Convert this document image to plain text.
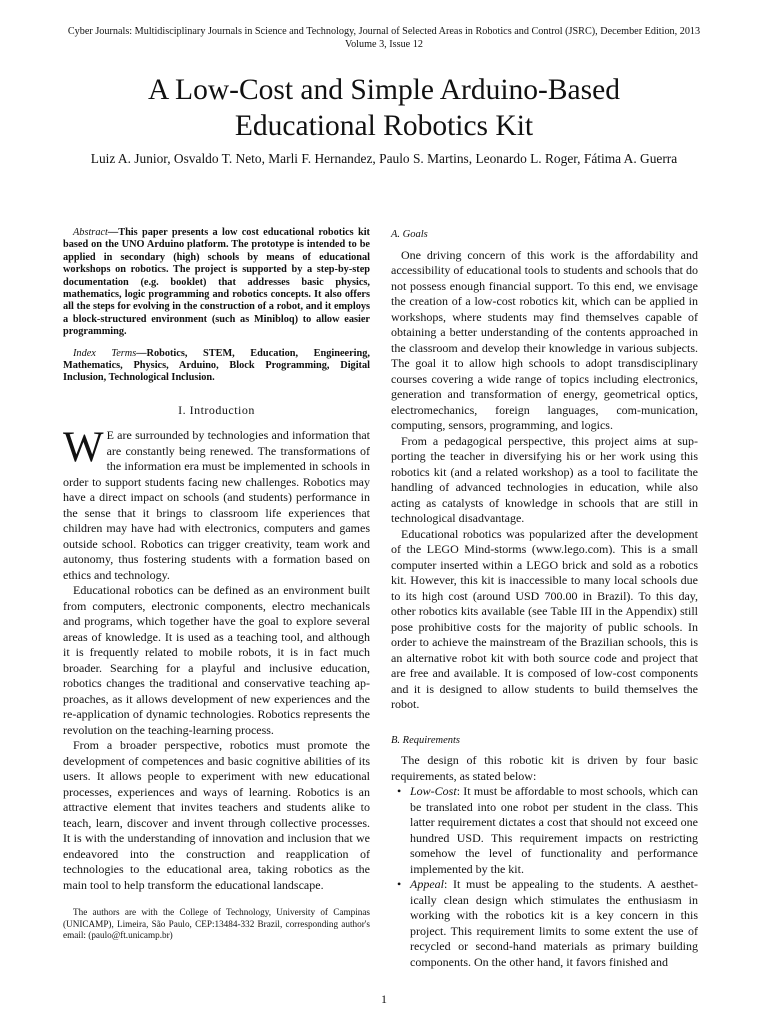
Cyber Journals: Multidisciplinary Journals in Science and Technology, Journal of Selected Areas in Robotics and Control (JSRC), December Edition, 2013
Volume 3, Issue 12
A Low-Cost and Simple Arduino-Based
Educational Robotics Kit
Luiz A. Junior, Osvaldo T. Neto, Marli F. Hernandez, Paulo S. Martins, Leonardo L. Roger, Fátima A. Guerra

Abstract—This paper presents a low cost educational robotics kit based on the UNO Arduino platform. The prototype is intended to be applied in secondary (high) schools by means of educational workshops on robotics. The project is supported by a step-by-step documentation (e.g. booklet) that addresses basic physics, mathematics, logic programming and robotics concepts. It also offers all the steps for evolving in the construction of a robot, and it employs a block-structured environment (such as Minibloq) to allow easier programming.

Index Terms—Robotics, STEM, Education, Engineering, Mathematics, Physics, Arduino, Block Programming, Digital Inclusion, Technological Inclusion.

I. Introduction

W E are surrounded by technologies and information that are constantly being renewed. The transformations of the information era must be implemented in schools in order to support students facing new challenges. Robotics may have a direct impact on schools (and students) performance in the sense that it brings to classroom life experiences that children may have had with electronics, computers and games outside school. Robotics can trigger creativity, team work and autonomy, thus fostering students with a formation based on ethics and technology.

Educational robotics can be defined as an environment built from computers, electronic components, electro mechanicals and programs, which together have the goal to explore several areas of knowledge. It is used as a teaching tool, and although it is frequently related to mobile robots, it is in fact much broader. Searching for a playful and inclusive education, robotics changes the traditional and conservative teaching ap-proaches, as it allows development of new experiences and the re-application of dynamic technologies. Robotics represents the revolution on the teaching-learning process.

From a broader perspective, robotics must promote the development of competences and basic cognitive abilities of its users. It allows people to experiment with new educational processes, experiences and ways of learning. Robotics is an attractive element that invites teachers and students alike to teach, learn, discover and invent through collective processes. It is with the understanding of innovation and inclusion that we endeavored into the construction and reapplication of technologies to the educational area, taking robotics as the main tool to help transform the educational landscape.

The authors are with the College of Technology, University of Campinas (UNICAMP), Limeira, São Paulo, CEP:13484-332 Brazil, corresponding author's email: (paulo@ft.unicamp.br)

A. Goals

One driving concern of this work is the affordability and accessibility of educational tools to students and schools that do not possess enough financial support. To this end, we envisage the creation of a low-cost robotics kit, which can be applied in workshops, where students may find themselves capable of obtaining a better understanding of the contents approached in the classroom and develop their knowledge in various subjects. The goal it to allow high schools to adopt transdisciplinary courses covering a wide range of topics including electronics, generation and transformation of energy, geometrical optics, electromechanics, foreign languages, com-munication, computing, sensors, programming, and logics.

From a pedagogical perspective, this project aims at sup-porting the teacher in diversifying his or her work using this robotics kit (and a related workshop) as a tool to facilitate the handling of advanced technologies in education, while also acting as catalysts of knowledge in schools that are still in technological disadvantage.

Educational robotics was popularized after the development of the LEGO Mind-storms (www.lego.com). This is a small computer inserted within a LEGO brick and sold as a robotics kit. However, this kit is inaccessible to many local schools due to its high cost (around USD 700.00 in Brazil). To this day, other robotics kits available (see Table III in the Appendix) still pose prohibitive costs for the majority of public schools. In order to achieve the mainstream of the Brazilian schools, this is an alternative robot kit with both source code and project that are free and available. It is composed of low-cost components and it is designed to allow students to build themselves the robot.

B. Requirements

The design of this robotic kit is driven by four basic requirements, as stated below:

• Low-Cost: It must be affordable to most schools, which can be translated into one robot per student in the class. This latter requirement dictates a cost that should not exceed one hundred USD. This requirement impacts on restricting somehow the level of functionality and performance implemented by the kit.
• Appeal: It must be appealing to the students. A aesthet-ically clean design which stimulates the enthusiasm in working with the robotics kit is a key concern in this project. This requirement limits to some extent the use of recycled or second-hand materials as primary building components. On the other hand, it favors finished and
1
